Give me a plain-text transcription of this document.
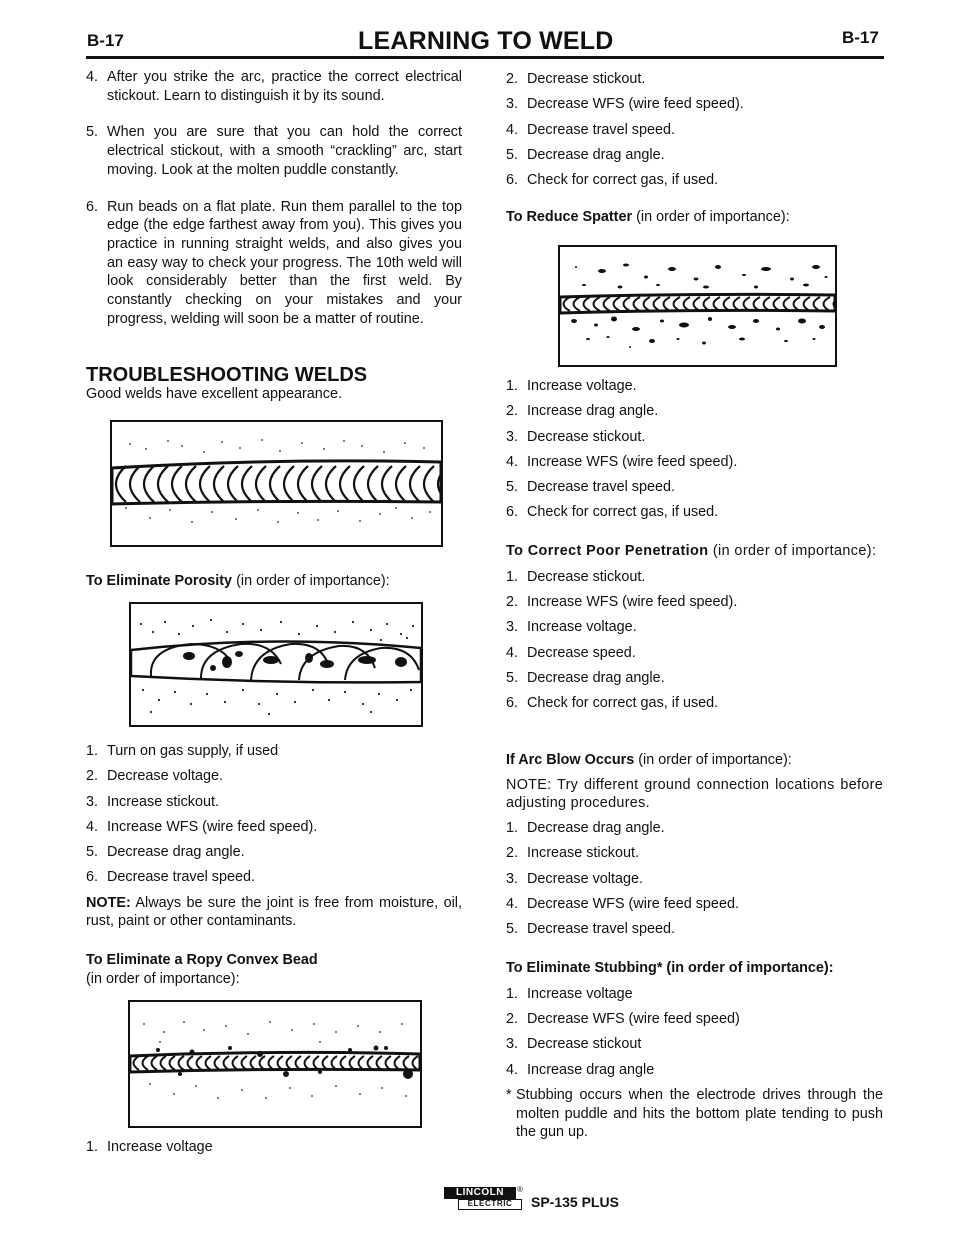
B-17	LEARNING TO WELD	B-17
4. After you strike the arc, practice the correct electrical stickout. Learn to distinguish it by its sound.
5. When you are sure that you can hold the correct electrical stickout, with a smooth “crackling” arc, start moving. Look at the molten puddle constantly.
6. Run beads on a flat plate. Run them parallel to the top edge (the edge farthest away from you). This gives you practice in running straight welds, and also gives you an easy way to check your progress. The 10th weld will look considerably better than the first weld. By constantly checking on your mistakes and your progress, welding will soon be a matter of routine.
TROUBLESHOOTING WELDS
Good welds have excellent appearance.
To Eliminate Porosity (in order of importance):
1. Turn on gas supply, if used
2. Decrease voltage.
3. Increase stickout.
4. Increase WFS (wire feed speed).
5. Decrease drag angle.
6. Decrease travel speed.

NOTE: Always be sure the joint is free from moisture, oil, rust, paint or other contaminants.

To Eliminate a Ropy Convex Bead
(in order of importance):
1. Increase voltage
2. Decrease stickout.
3. Decrease WFS (wire feed speed).
4. Decrease travel speed.
5. Decrease drag angle.
6. Check for correct gas, if used.
To Reduce Spatter (in order of importance):
1. Increase voltage.
2. Increase drag angle.
3. Decrease stickout.
4. Increase WFS (wire feed speed).
5. Decrease travel speed.
6. Check for correct gas, if used.

To Correct Poor Penetration (in order of importance):

1. Decrease stickout.
2. Increase WFS (wire feed speed).
3. Increase voltage.
4. Decrease speed.
5. Decrease drag angle.
6. Check for correct gas, if used.

If Arc Blow Occurs (in order of importance):

NOTE: Try different ground connection locations before adjusting procedures.

1. Decrease drag angle.
2. Increase stickout.
3. Decrease voltage.
4. Decrease WFS (wire feed speed.
5. Decrease travel speed.

To Eliminate Stubbing* (in order of importance):

1. Increase voltage
2. Decrease WFS (wire feed speed)
3. Decrease stickout
4. Increase drag angle
* Stubbing occurs when the electrode drives through the molten puddle and hits the bottom plate tending to push the gun up.
LINCOLN	®
ELECTRIC	SP-135 PLUS
